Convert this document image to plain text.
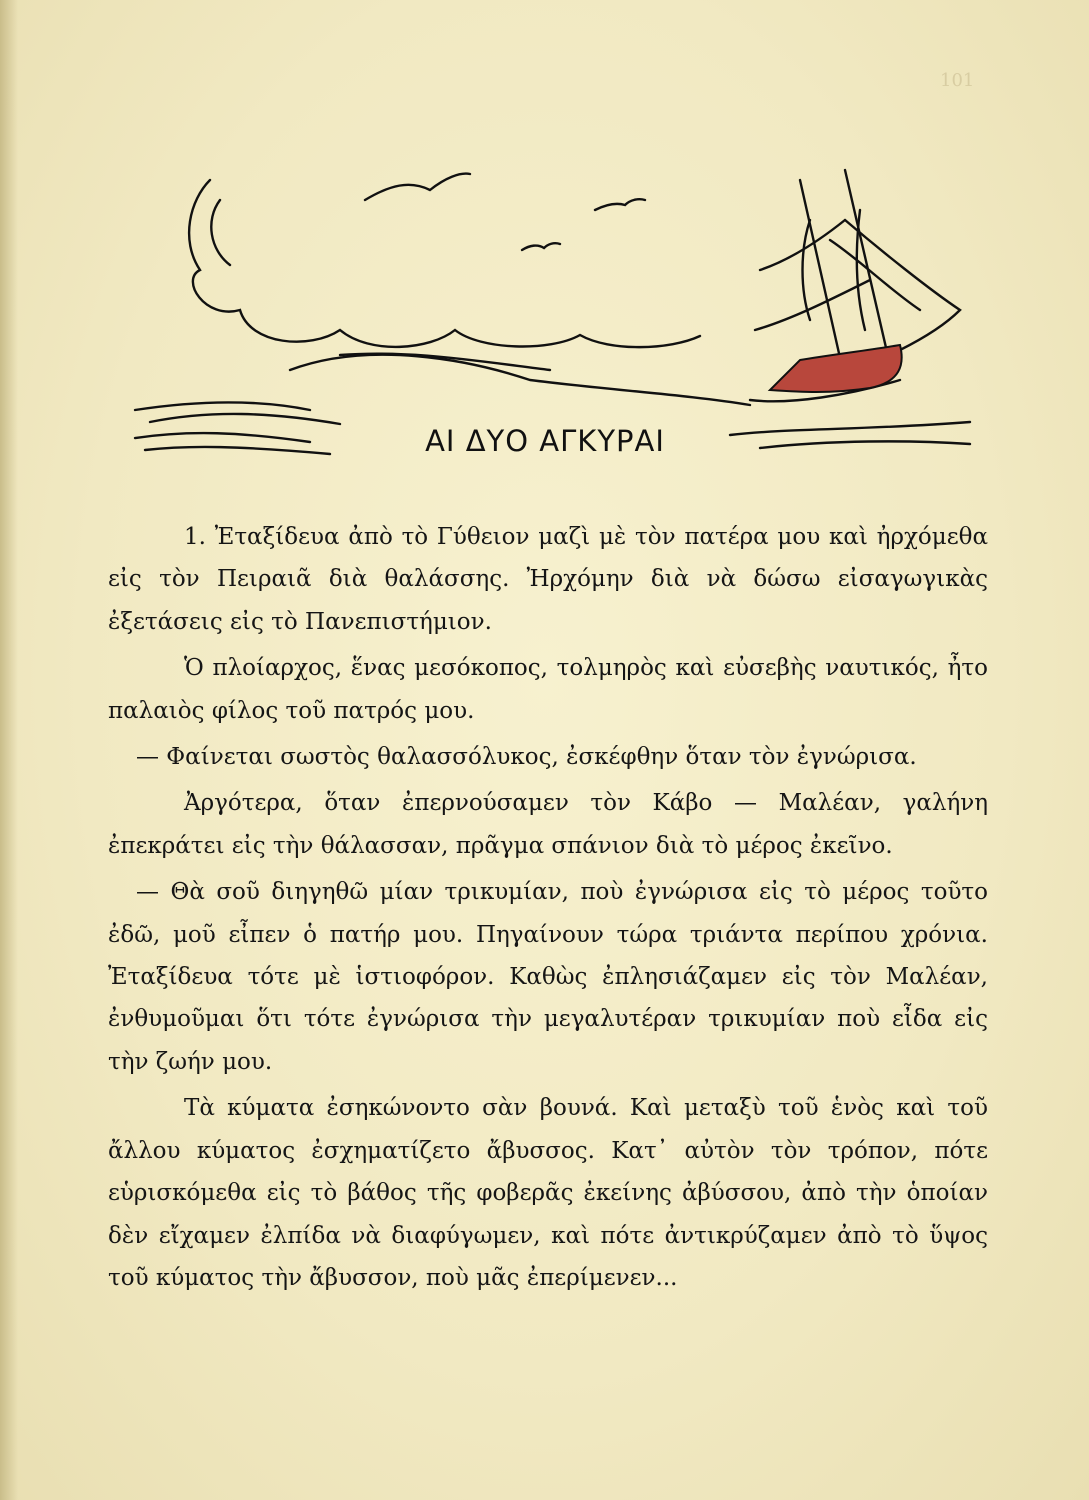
101
ΑΙ ΔΥΟ ΑΓΚΥΡΑΙ

1. Ἐταξίδευα ἀπὸ τὸ Γύθειον μαζὶ μὲ τὸν πατέρα μου καὶ ἠρχόμεθα εἰς τὸν Πειραιᾶ διὰ θαλάσσης. Ἠρχόμην διὰ νὰ δώσω εἰσαγωγικὰς ἐξετάσεις εἰς τὸ Πανεπιστήμιον.

Ὁ πλοίαρχος, ἕνας μεσόκοπος, τολμηρὸς καὶ εὐσεβὴς ναυτικός, ἦτο παλαιὸς φίλος τοῦ πατρός μου.

— Φαίνεται σωστὸς θαλασσόλυκος, ἐσκέφθην ὅταν τὸν ἐγνώρισα.

Ἀργότερα, ὅταν ἐπερνούσαμεν τὸν Κάβο — Μαλέαν, γαλήνη ἐπεκράτει εἰς τὴν θάλασσαν, πρᾶγμα σπάνιον διὰ τὸ μέρος ἐκεῖνο.

— Θὰ σοῦ διηγηθῶ μίαν τρικυμίαν, ποὺ ἐγνώρισα εἰς τὸ μέρος τοῦτο ἐδῶ, μοῦ εἶπεν ὁ πατήρ μου. Πηγαίνουν τώρα τριάντα περίπου χρόνια. Ἐταξίδευα τότε μὲ ἱστιοφόρον. Καθὼς ἐπλησιάζαμεν εἰς τὸν Μαλέαν, ἐνθυμοῦμαι ὅτι τότε ἐγνώρισα τὴν μεγαλυτέραν τρικυμίαν ποὺ εἶδα εἰς τὴν ζωήν μου.

Τὰ κύματα ἐσηκώνοντο σὰν βουνά. Καὶ μεταξὺ τοῦ ἑνὸς καὶ τοῦ ἄλλου κύματος ἐσχηματίζετο ἄβυσσος. Κατ᾽ αὐτὸν τὸν τρόπον, πότε εὑρισκόμεθα εἰς τὸ βάθος τῆς φοβερᾶς ἐκείνης ἀβύσσου, ἀπὸ τὴν ὁποίαν δὲν εἴχαμεν ἐλπίδα νὰ διαφύγωμεν, καὶ πότε ἀντικρύζαμεν ἀπὸ τὸ ὕψος τοῦ κύματος τὴν ἄβυσσον, ποὺ μᾶς ἐπερίμενεν...
